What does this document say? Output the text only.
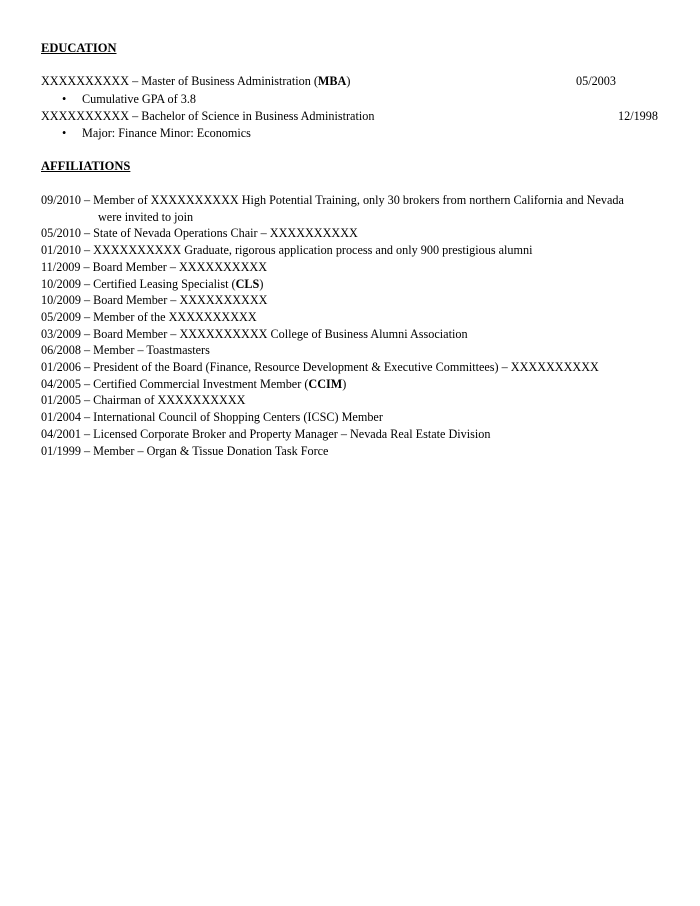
EDUCATION
XXXXXXXXXX – Master of Business Administration (MBA)	05/2003
• Cumulative GPA of 3.8
XXXXXXXXXX – Bachelor of Science in Business Administration	12/1998
• Major: Finance Minor: Economics
AFFILIATIONS
09/2010 – Member of XXXXXXXXXX High Potential Training, only 30 brokers from northern California and Nevada
were invited to join
05/2010 – State of Nevada Operations Chair – XXXXXXXXXX
01/2010 – XXXXXXXXXX Graduate, rigorous application process and only 900 prestigious alumni
11/2009 – Board Member – XXXXXXXXXX
10/2009 – Certified Leasing Specialist (CLS)
10/2009 – Board Member – XXXXXXXXXX
05/2009 – Member of the XXXXXXXXXX
03/2009 – Board Member – XXXXXXXXXX College of Business Alumni Association
06/2008 – Member – Toastmasters
01/2006 – President of the Board (Finance, Resource Development & Executive Committees) – XXXXXXXXXX
04/2005 – Certified Commercial Investment Member (CCIM)
01/2005 – Chairman of XXXXXXXXXX
01/2004 – International Council of Shopping Centers (ICSC) Member
04/2001 – Licensed Corporate Broker and Property Manager – Nevada Real Estate Division
01/1999 – Member – Organ & Tissue Donation Task Force
